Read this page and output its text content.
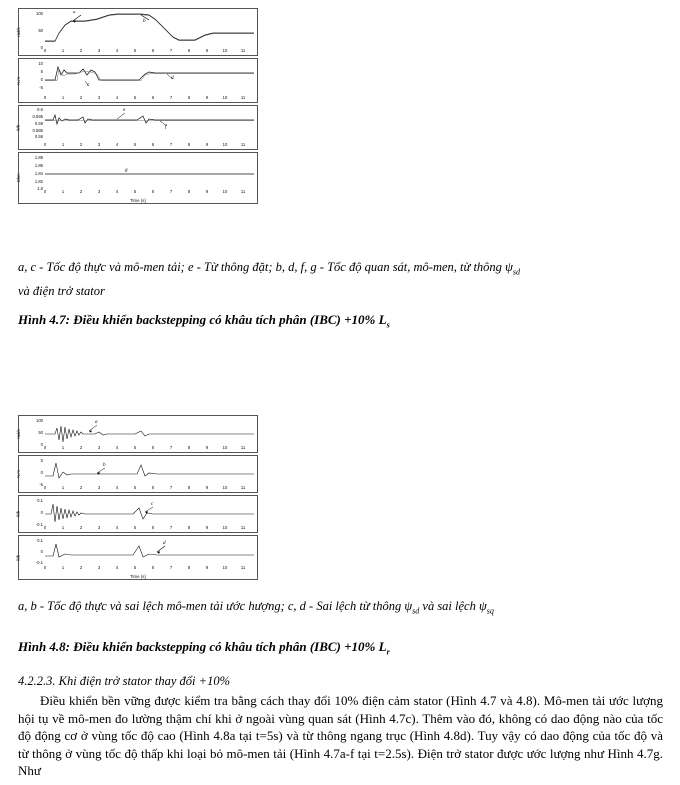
100
50
0
rad/s
a
b
0	1	2	3	4	5	6	7	8	9	10	11
10
5
0
-5
N.m
c
d
0	1	2	3	4	5	6	7	8	9	10	11
0.6
0.595
0.59
0.585
0.58
Wb
e
f
0	1	2	3	4	5	6	7	8	9	10	11
1.88
1.86
1.84
1.82
1.8
Ohm
g
0	1	2	3	4	5	6	7	8	9	10	11
Time (s)
100
50
0
rad/s
a
0	1	2	3	4	5	6	7	8	9	10	11
5
0
-5
N.m
b
0	1	2	3	4	5	6	7	8	9	10	11
0.1
0
-0.1
Wb
c
0	1	2	3	4	5	6	7	8	9	10	11
0.1
0
-0.1
Wb
d
0	1	2	3	4	5	6	7	8	9	10	11
Time (s)
a, c - Tốc độ thực và mô-men tải; e - Từ thông đặt; b, d, f, g - Tốc độ quan sát, mô-men, từ thông $\psi_{sd}$
và điện trở stator
Hình 4.7: Điều khiển backstepping có khâu tích phân (IBC) +10% $L_s$
a, b - Tốc độ thực và sai lệch mô-men tải ước hượng; c, d - Sai lệch từ thông $\psi_{sd}$ và sai lệch $\psi_{sq}$
Hình 4.8: Điều khiển backstepping có khâu tích phân (IBC) +10% $L_r$
4.2.2.3. Khi điện trở stator thay đổi +10%
Điều khiển bền vững được kiểm tra bằng cách thay đổi 10% điện cảm stator (Hình 4.7 và 4.8). Mô-men tải ước lượng hội tụ về mô-men đo lường thậm chí khi ở ngoài vùng quan sát (Hình 4.7c). Thêm vào đó, không có dao động nào của tốc độ động cơ ở vùng tốc độ cao (Hình 4.8a tại t=5s) và từ thông ngang trục (Hình 4.8d). Tuy vậy có dao động của tốc độ và từ thông ở vùng tốc độ thấp khi loại bỏ mô-men tải (Hình 4.7a-f tại t=2.5s). Điện trở stator được ước lượng như Hình 4.7g. Như
